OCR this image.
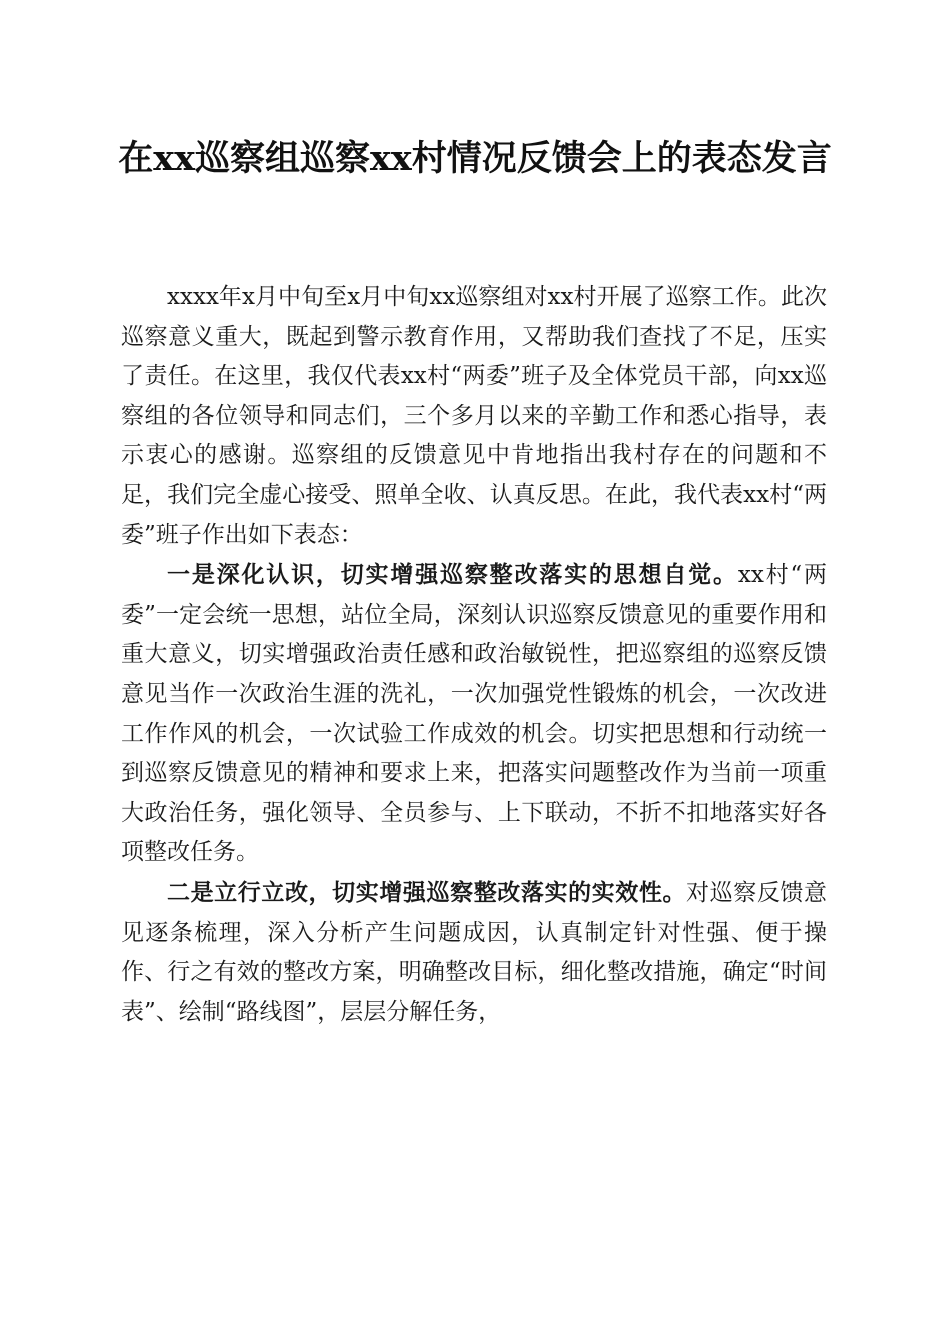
在xx巡察组巡察xx村情况反馈会上的表态发言

xxxx年x月中旬至x月中旬xx巡察组对xx村开展了巡察工作。此次巡察意义重大，既起到警示教育作用，又帮助我们查找了不足，压实了责任。在这里，我仅代表xx村“两委”班子及全体党员干部，向xx巡察组的各位领导和同志们，三个多月以来的辛勤工作和悉心指导，表示衷心的感谢。巡察组的反馈意见中肯地指出我村存在的问题和不足，我们完全虚心接受、照单全收、认真反思。在此，我代表xx村“两委”班子作出如下表态：

一是深化认识，切实增强巡察整改落实的思想自觉。xx村“两委”一定会统一思想，站位全局，深刻认识巡察反馈意见的重要作用和重大意义，切实增强政治责任感和政治敏锐性，把巡察组的巡察反馈意见当作一次政治生涯的洗礼，一次加强党性锻炼的机会，一次改进工作作风的机会，一次试验工作成效的机会。切实把思想和行动统一到巡察反馈意见的精神和要求上来，把落实问题整改作为当前一项重大政治任务，强化领导、全员参与、上下联动，不折不扣地落实好各项整改任务。

二是立行立改，切实增强巡察整改落实的实效性。对巡察反馈意见逐条梳理，深入分析产生问题成因，认真制定针对性强、便于操作、行之有效的整改方案，明确整改目标，细化整改措施，确定“时间表”、绘制“路线图”，层层分解任务，
